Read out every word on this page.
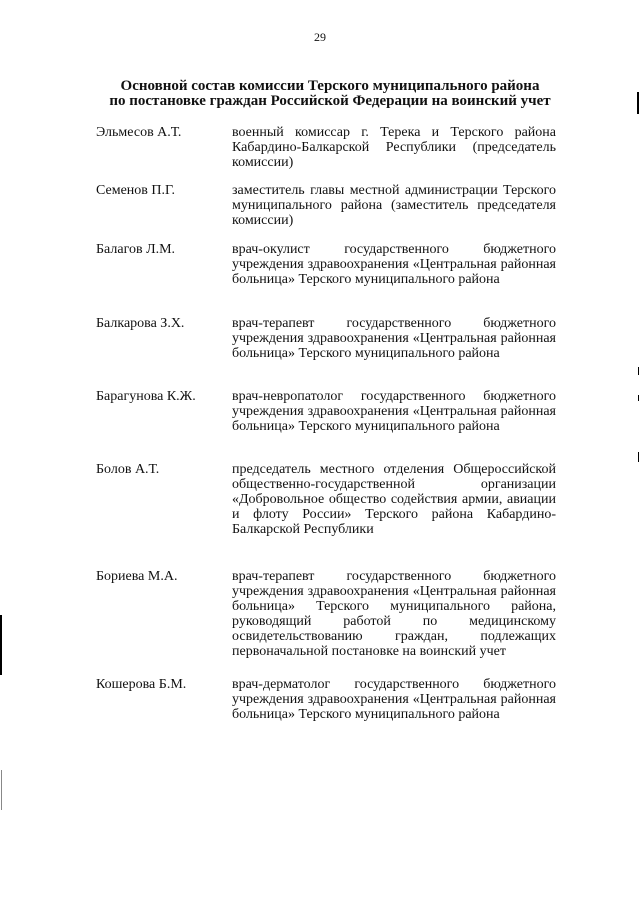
29
Основной состав комиссии Терского муниципального района
по постановке граждан Российской Федерации на воинский учет
Эльмесов А.Т.	военный комиссар г. Терека и Терского района Кабардино-Балкарской Республики (председатель комиссии)
Семенов П.Г.	заместитель главы местной администрации Терского муниципального района (заместитель председателя комиссии)
Балагов Л.М.	врач-окулист государственного бюджетного учреждения здравоохранения «Центральная районная больница» Терского муниципального района
Балкарова З.Х.	врач-терапевт государственного бюджетного учреждения здравоохранения «Центральная районная больница» Терского муниципального района
Барагунова К.Ж.	врач-невропатолог государственного бюджетного учреждения здравоохранения «Центральная районная больница» Терского муниципального района
Болов А.Т.	председатель местного отделения Общероссийской общественно-государственной организации «Добровольное общество содействия армии, авиации и флоту России» Терского района Кабардино-Балкарской Республики
Бориева М.А.	врач-терапевт государственного бюджетного учреждения здравоохранения «Центральная районная больница» Терского муниципального района, руководящий работой по медицинскому освидетельствованию граждан, подлежащих первоначальной постановке на воинский учет
Кошерова Б.М.	врач-дерматолог государственного бюджетного учреждения здравоохранения «Центральная районная больница» Терского муниципального района
